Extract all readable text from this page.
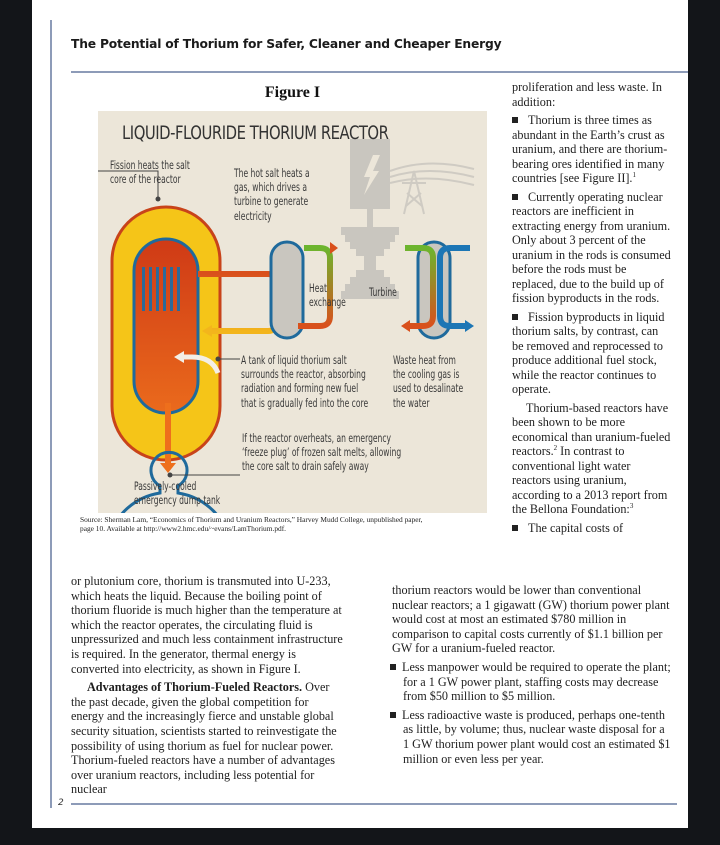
The Potential of Thorium for Safer, Cleaner and Cheaper Energy
Figure I
LIQUID-FLOURIDE THORIUM REACTOR
Fission heats the salt
core of the reactor	The hot salt heats a
gas, which drives a
turbine to generate
electricity
Heat
exchange
Turbine
A tank of liquid thorium salt
surrounds the reactor, absorbing
radiation and forming new fuel
that is gradually fed into the core
Waste heat from
the cooling gas is
used to desalinate
the water
If the reactor overheats, an emergency
‘freeze plug’ of frozen salt melts, allowing
the core salt to drain safely away
Passively-cooled
emergency dump tank
Source: Sherman Lam, “Economics of Thorium and Uranium Reactors,” Harvey Mudd College, unpublished paper,
page 10. Available at http://www2.hmc.edu/~evans/LamThorium.pdf.

proliferation and less waste. In addition:

Thorium is three times as abundant in the Earth’s crust as uranium, and there are thorium-bearing ores identified in many countries [see Figure II].$^1$

Currently operating nuclear reactors are inefficient in extracting energy from uranium. Only about 3 percent of the uranium in the rods is consumed before the rods must be replaced, due to the build up of fission byproducts in the rods.

Fission byproducts in liquid thorium salts, by contrast, can be removed and reprocessed to produce additional fuel stock, while the reactor continues to operate.

Thorium-based reactors have been shown to be more economical than uranium-fueled reactors.$^2$ In contrast to conventional light water reactors using uranium, according to a 2013 report from the Bellona Foundation:$^3$

The capital costs of

or plutonium core, thorium is transmuted into U-233, which heats the liquid. Because the boiling point of thorium fluoride is much higher than the temperature at which the reactor operates, the circulating fluid is unpressurized and much less containment infrastructure is required. In the generator, thermal energy is converted into electricity, as shown in Figure I.

Advantages of Thorium-Fueled Reactors. Over the past decade, given the global competition for energy and the increasingly fierce and unstable global security situation, scientists started to reinvestigate the possibility of using thorium as fuel for nuclear power. Thorium-fueled reactors have a number of advantages over uranium reactors, including less potential for nuclear

thorium reactors would be lower than conventional nuclear reactors; a 1 gigawatt (GW) thorium power plant would cost at most an estimated $780 million in comparison to capital costs currently of $1.1 billion per GW for a uranium-fueled reactor.

Less manpower would be required to operate the plant; for a 1 GW power plant, staffing costs may decrease from $50 million to $5 million.

Less radioactive waste is produced, perhaps one-tenth as little, by volume; thus, nuclear waste disposal for a 1 GW thorium power plant would cost an estimated $1 million or even less per year.

2
